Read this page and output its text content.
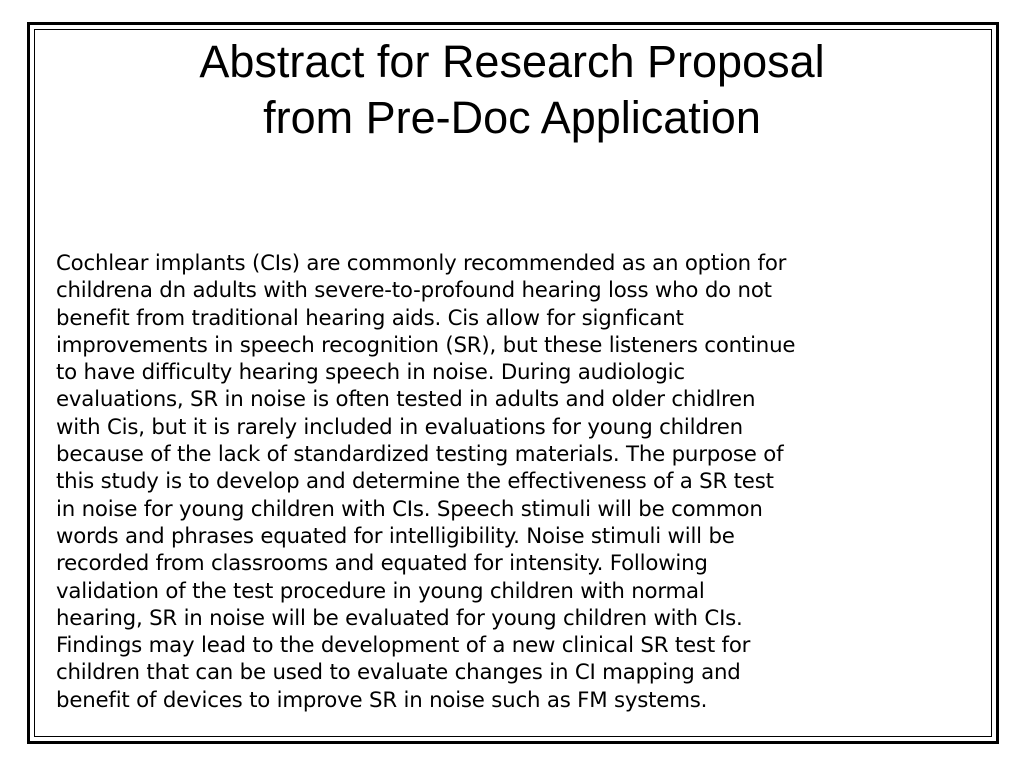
Abstract for Research Proposal
from Pre-Doc Application
Cochlear implants (CIs) are commonly recommended as an option for
childrena dn adults with severe-to-profound hearing loss who do not
benefit from traditional hearing aids. Cis allow for signficant
improvements in speech recognition (SR), but these listeners continue
to have difficulty hearing speech in noise. During audiologic
evaluations, SR in noise is often tested in adults and older chidlren
with Cis, but it is rarely included in evaluations for young children
because of the lack of standardized testing materials. The purpose of
this study is to develop and determine the effectiveness of a SR test
in noise for young children with CIs. Speech stimuli will be common
words and phrases equated for intelligibility. Noise stimuli will be
recorded from classrooms and equated for intensity. Following
validation of the test procedure in young children with normal
hearing, SR in noise will be evaluated for young children with CIs.
Findings may lead to the development of a new clinical SR test for
children that can be used to evaluate changes in CI mapping and
benefit of devices to improve SR in noise such as FM systems.
